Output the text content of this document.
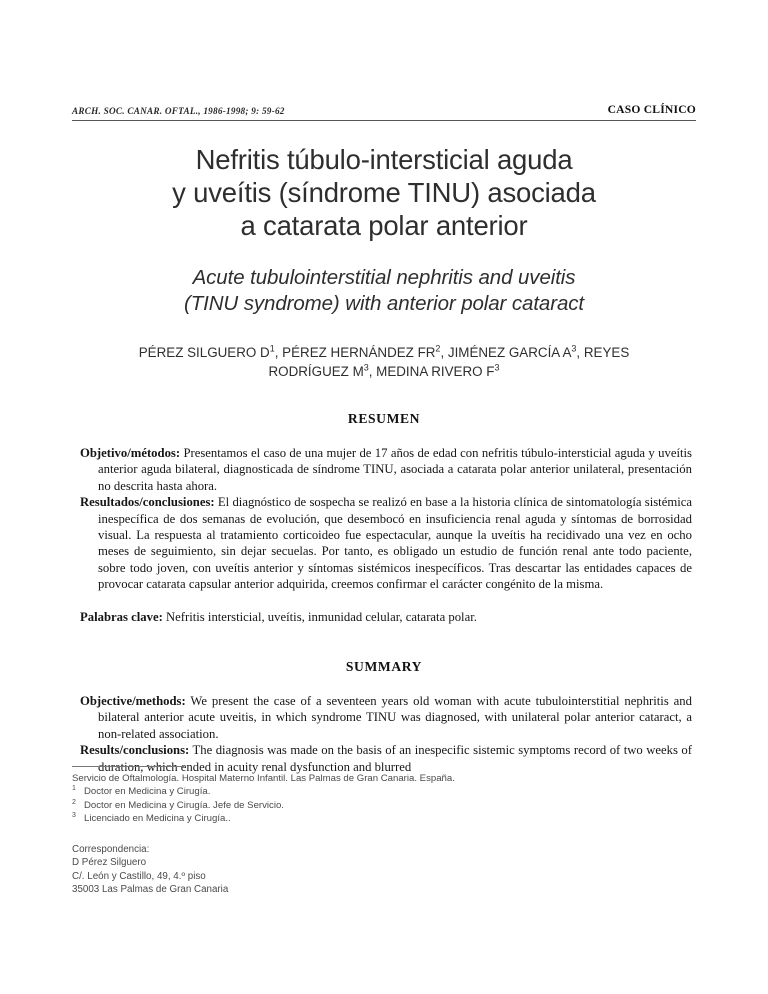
ARCH. SOC. CANAR. OFTAL., 1986-1998; 9: 59-62	CASO CLÍNICO
Nefritis túbulo-intersticial aguda
y uveítis (síndrome TINU) asociada
a catarata polar anterior
Acute tubulointerstitial nephritis and uveitis
(TINU syndrome) with anterior polar cataract
PÉREZ SILGUERO $D^1$, PÉREZ HERNÁNDEZ $FR^2$, JIMÉNEZ GARCÍA $A^3$, REYES
RODRÍGUEZ $M^3$, MEDINA RIVERO $F^3$
RESUMEN

Objetivo/métodos: Presentamos el caso de una mujer de 17 años de edad con nefritis túbulo-intersticial aguda y uveítis anterior aguda bilateral, diagnosticada de síndrome TINU, asociada a catarata polar anterior unilateral, presentación no descrita hasta ahora.

Resultados/conclusiones: El diagnóstico de sospecha se realizó en base a la historia clínica de sintomatología sistémica inespecífica de dos semanas de evolución, que desembocó en insuficiencia renal aguda y síntomas de borrosidad visual. La respuesta al tratamiento corticoideo fue espectacular, aunque la uveítis ha recidivado una vez en ocho meses de seguimiento, sin dejar secuelas. Por tanto, es obligado un estudio de función renal ante todo paciente, sobre todo joven, con uveítis anterior y síntomas sistémicos inespecíficos. Tras descartar las entidades capaces de provocar catarata capsular anterior adquirida, creemos confirmar el carácter congénito de la misma.

Palabras clave: Nefritis intersticial, uveítis, inmunidad celular, catarata polar.

SUMMARY

Objective/methods: We present the case of a seventeen years old woman with acute tubulointerstitial nephritis and bilateral anterior acute uveitis, in which syndrome TINU was diagnosed, with unilateral polar anterior cataract, a non-related association.

Results/conclusions: The diagnosis was made on the basis of an inespecific sistemic symptoms record of two weeks of duration, which ended in acuity renal dysfunction and blurred

Servicio de Oftalmología. Hospital Materno Infantil. Las Palmas de Gran Canaria. España.
1 Doctor en Medicina y Cirugía.
2 Doctor en Medicina y Cirugía. Jefe de Servicio.
3 Licenciado en Medicina y Cirugía..
Correspondencia:
D Pérez Silguero
C/. León y Castillo, 49, 4.º piso
35003 Las Palmas de Gran Canaria
